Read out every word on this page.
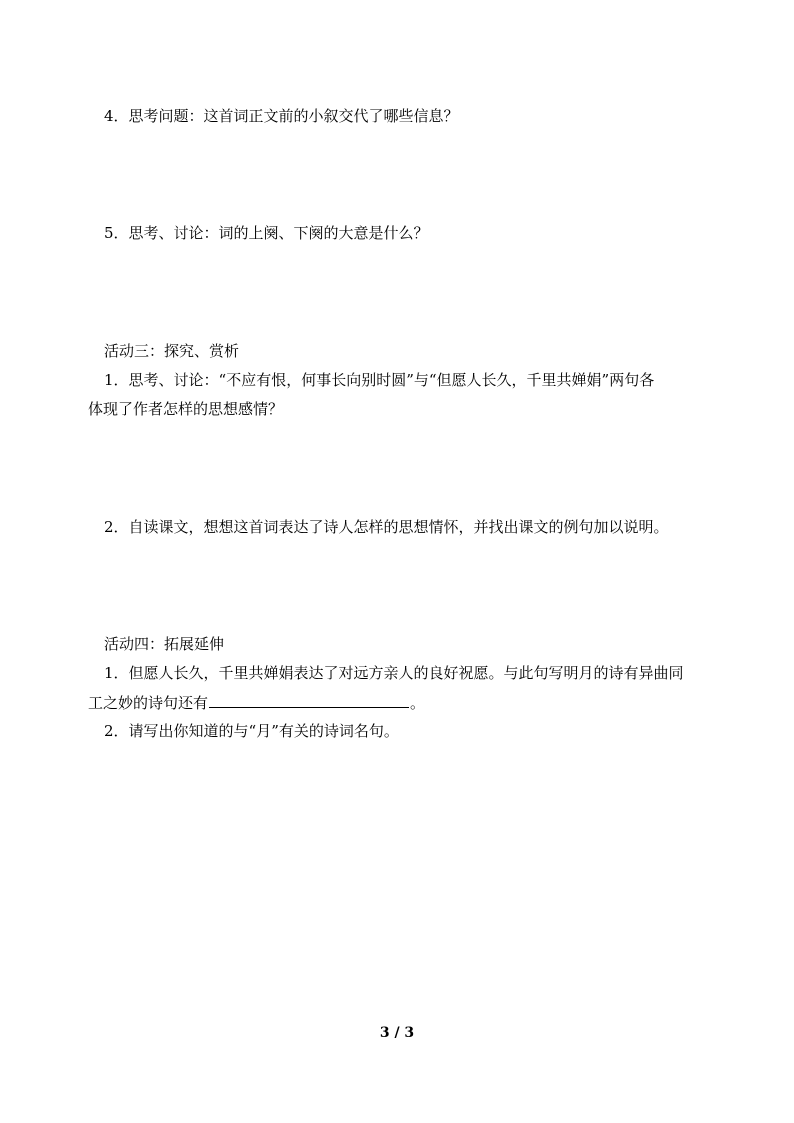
4．思考问题：这首词正文前的小叙交代了哪些信息？
5．思考、讨论：词的上阕、下阕的大意是什么？
活动三：探究、赏析
1．思考、讨论：“不应有恨，何事长向别时圆”与“但愿人长久，千里共婵娟”两句各
体现了作者怎样的思想感情？
2．自读课文，想想这首词表达了诗人怎样的思想情怀，并找出课文的例句加以说明。
活动四：拓展延伸
1．但愿人长久，千里共婵娟表达了对远方亲人的良好祝愿。与此句写明月的诗有异曲同
工之妙的诗句还有	。
2．请写出你知道的与“月”有关的诗词名句。
3 / 3
